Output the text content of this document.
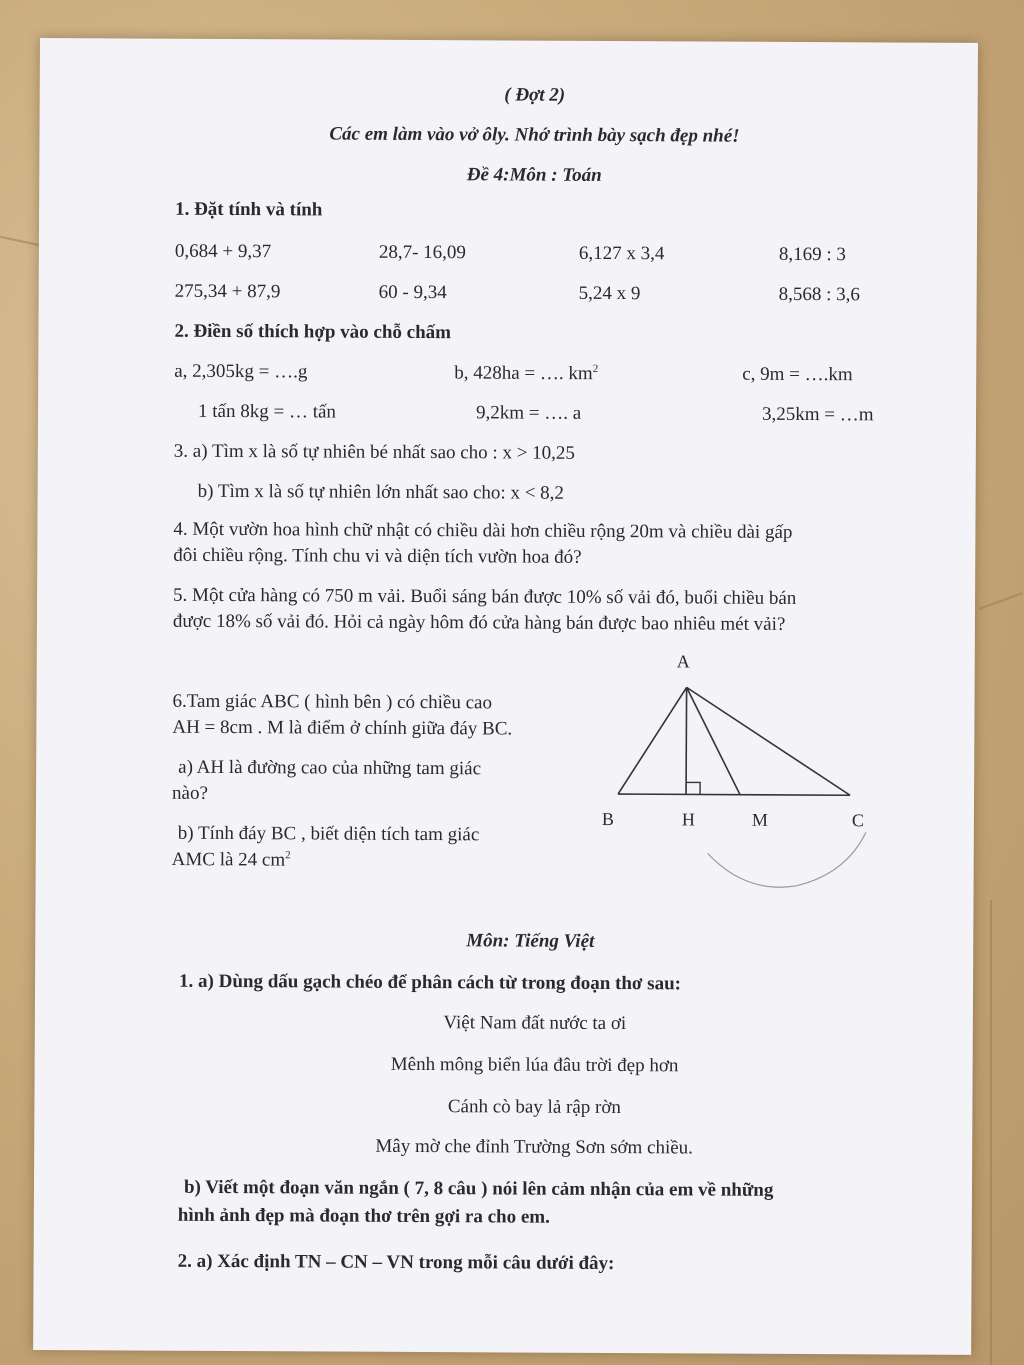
( Đợt 2)
Các em làm vào vở ôly. Nhớ trình bày sạch đẹp nhé!
Đề 4:Môn : Toán
1. Đặt tính và tính
0,684 + 9,37	28,7- 16,09	6,127 x 3,4	8,169 : 3
275,34 + 87,9	60 - 9,34	5,24 x 9	8,568 : 3,6
2. Điền số thích hợp vào chỗ chấm
a, 2,305kg = ….g	b, 428ha = …. $km^2$	c, 9m = ….km
1 tấn 8kg = … tấn	9,2km = …. a	3,25km = …m
3. a) Tìm x là số tự nhiên bé nhất sao cho : x > 10,25
b) Tìm x là số tự nhiên lớn nhất sao cho: x < 8,2
4. Một vườn hoa hình chữ nhật có chiều dài hơn chiều rộng 20m và chiều dài gấp
đôi chiều rộng. Tính chu vi và diện tích vườn hoa đó?
5. Một cửa hàng có 750 m vải. Buổi sáng bán được 10% số vải đó, buổi chiều bán
được 18% số vải đó. Hỏi cả ngày hôm đó cửa hàng bán được bao nhiêu mét vải?
6.Tam giác ABC ( hình bên ) có chiều cao
AH = 8cm . M là điểm ở chính giữa đáy BC.
a) AH là đường cao của những tam giác
nào?
b) Tính đáy BC , biết diện tích tam giác
AMC là 24 $cm^2$
A
B	H	M	C
Môn: Tiếng Việt
1. a) Dùng dấu gạch chéo để phân cách từ trong đoạn thơ sau:
Việt Nam đất nước ta ơi
Mênh mông biển lúa đâu trời đẹp hơn
Cánh cò bay lả rập rờn
Mây mờ che đỉnh Trường Sơn sớm chiều.
b) Viết một đoạn văn ngắn ( 7, 8 câu ) nói lên cảm nhận của em về những
hình ảnh đẹp mà đoạn thơ trên gợi ra cho em.
2. a) Xác định TN – CN – VN trong mỗi câu dưới đây:
